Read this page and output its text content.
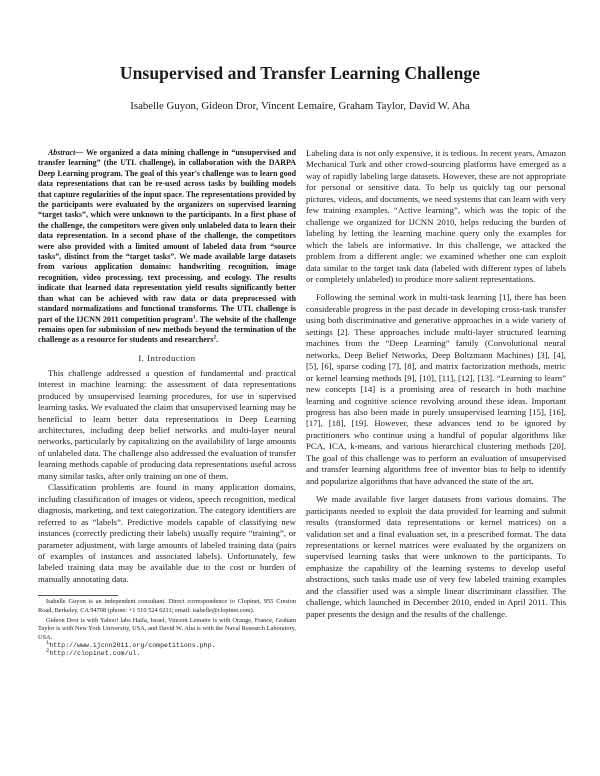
Unsupervised and Transfer Learning Challenge
Isabelle Guyon, Gideon Dror, Vincent Lemaire, Graham Taylor, David W. Aha

Abstract— We organized a data mining challenge in “unsupervised and transfer learning” (the UTL challenge), in collaboration with the DARPA Deep Learning program. The goal of this year's challenge was to learn good data representations that can be re-used across tasks by building models that capture regularities of the input space. The representations provided by the participants were evaluated by the organizers on supervised learning “target tasks”, which were unknown to the participants. In a first phase of the challenge, the competitors were given only unlabeled data to learn their data representation. In a second phase of the challenge, the competitors were also provided with a limited amount of labeled data from “source tasks”, distinct from the “target tasks”. We made available large datasets from various application domains: handwriting recognition, image recognition, video processing, text processing, and ecology. The results indicate that learned data representation yield results significantly better than what can be achieved with raw data or data preprocessed with standard normalizations and functional transforms. The UTL challenge is part of the IJCNN 2011 competition program$^1$. The website of the challenge remains open for submission of new methods beyond the termination of the challenge as a resource for students and researchers$^2$.

I. Introduction

This challenge addressed a question of fundamental and practical interest in machine learning: the assessment of data representations produced by unsupervised learning procedures, for use in supervised learning tasks. We evaluated the claim that unsupervised learning may be beneficial to learn better data representations in Deep Learning architectures, including deep belief networks and multi-layer neural networks, particularly by capitalizing on the availability of large amounts of unlabeled data. The challenge also addressed the evaluation of transfer learning methods capable of producing data representations useful across many similar tasks, after only training on one of them.

Classification problems are found in many application domains, including classification of images or videos, speech recognition, medical diagnosis, marketing, and text categorization. The category identifiers are referred to as “labels”. Predictive models capable of classifying new instances (correctly predicting their labels) usually require “training”, or parameter adjustment, with large amounts of labeled training data (pairs of examples of instances and associated labels). Unfortunately, few labeled training data may be available due to the cost or burden of manually annotating data.

Isabelle Guyon is an independent consultant. Direct correspondence to Clopinet, 955 Creston Road, Berkeley, CA 94708 (phone: +1 510 524 6211; email: isabelle@clopinet.com).

Gideon Dror is with Yahoo! labs Haifa, Israel, Vincent Lemaire is with Orange, France, Graham Taylor is with New York University, USA, and David W. Aha is with the Naval Research Laboratory, USA.

$^1$http://www.ijcnn2011.org/competitions.php.

$^2$http://clopinet.com/ul.

Labeling data is not only expensive, it is tedious. In recent years, Amazon Mechanical Turk and other crowd-sourcing platforms have emerged as a way of rapidly labeling large datasets. However, these are not appropriate for personal or sensitive data. To help us quickly tag our personal pictures, videos, and documents, we need systems that can learn with very few training examples. “Active learning”, which was the topic of the challenge we organized for IJCNN 2010, helps reducing the burden of labeling by letting the learning machine query only the examples for which the labels are informative. In this challenge, we attacked the problem from a different angle: we examined whether one can exploit data similar to the target task data (labeled with different types of labels or completely unlabeled) to produce more salient representations.

Following the seminal work in multi-task learning [1], there has been considerable progress in the past decade in developing cross-task transfer using both discriminative and generative approaches in a wide variety of settings [2]. These approaches include multi-layer structured learning machines from the “Deep Learning” family (Convolutional neural networks, Deep Belief Networks, Deep Boltzmann Machines) [3], [4], [5], [6], sparse coding [7], [8], and matrix factorization methods, metric or kernel learning methods [9], [10], [11], [12], [13]. “Learning to learn” new concepts [14] is a promising area of research in both machine learning and cognitive science revolving around these ideas. Important progress has also been made in purely unsupervised learning [15], [16], [17], [18], [19]. However, these advances tend to be ignored by practitioners who continue using a handful of popular algorithms like PCA, ICA, k-means, and various hierarchical clustering methods [20]. The goal of this challenge was to perform an evaluation of unsupervised and transfer learning algorithms free of inventor bias to help to identify and popularize algorithms that have advanced the state of the art.

We made available five larger datasets from various domains. The participants needed to exploit the data provided for learning and submit results (transformed data representations or kernel matrices) on a validation set and a final evaluation set, in a prescribed format. The data representations or kernel matrices were evaluated by the organizers on supervised learning tasks that were unknown to the participants. To emphasize the capability of the learning systems to develop useful abstractions, such tasks made use of very few labeled training examples and the classifier used was a simple linear discriminant classifier. The challenge, which launched in December 2010, ended in April 2011. This paper presents the design and the results of the challenge.
